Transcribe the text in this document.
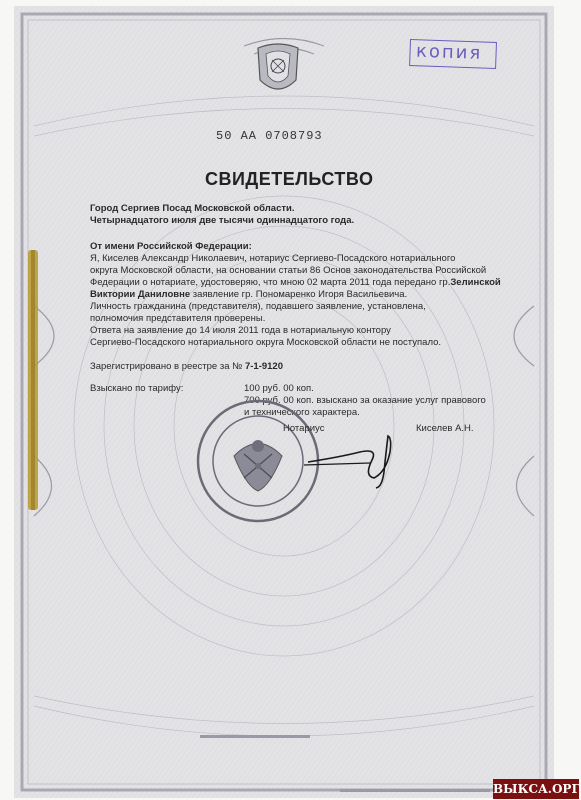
копия
50 АА 0708793
СВИДЕТЕЛЬСТВО
Город Сергиев Посад Московской области.
Четырнадцатого июля две тысячи одиннадцатого года.
От имени Российской Федерации:
Я, Киселев Александр Николаевич, нотариус Сергиево-Посадского нотариального
округа Московской области, на основании статьи 86 Основ законодательства Российской
Федерации о нотариате, удостоверяю, что мною 02 марта 2011 года передано гр.Зелинской
Виктории Даниловне заявление гр. Пономаренко Игоря Васильевича.
Личность гражданина (представителя), подавшего заявление, установлена,
полномочия представителя проверены.
Ответа на заявление до 14 июля 2011 года в нотариальную контору
Сергиево-Посадского нотариального округа Московской области не поступало.
Зарегистрировано в реестре за № 7-1-9120
Взыскано по тарифу:	100 руб. 00 коп.
700 руб. 00 коп. взыскано за оказание услуг правового
и технического характера.
Нотариус	Киселев А.Н.
ВЫКСА.ОРГ
